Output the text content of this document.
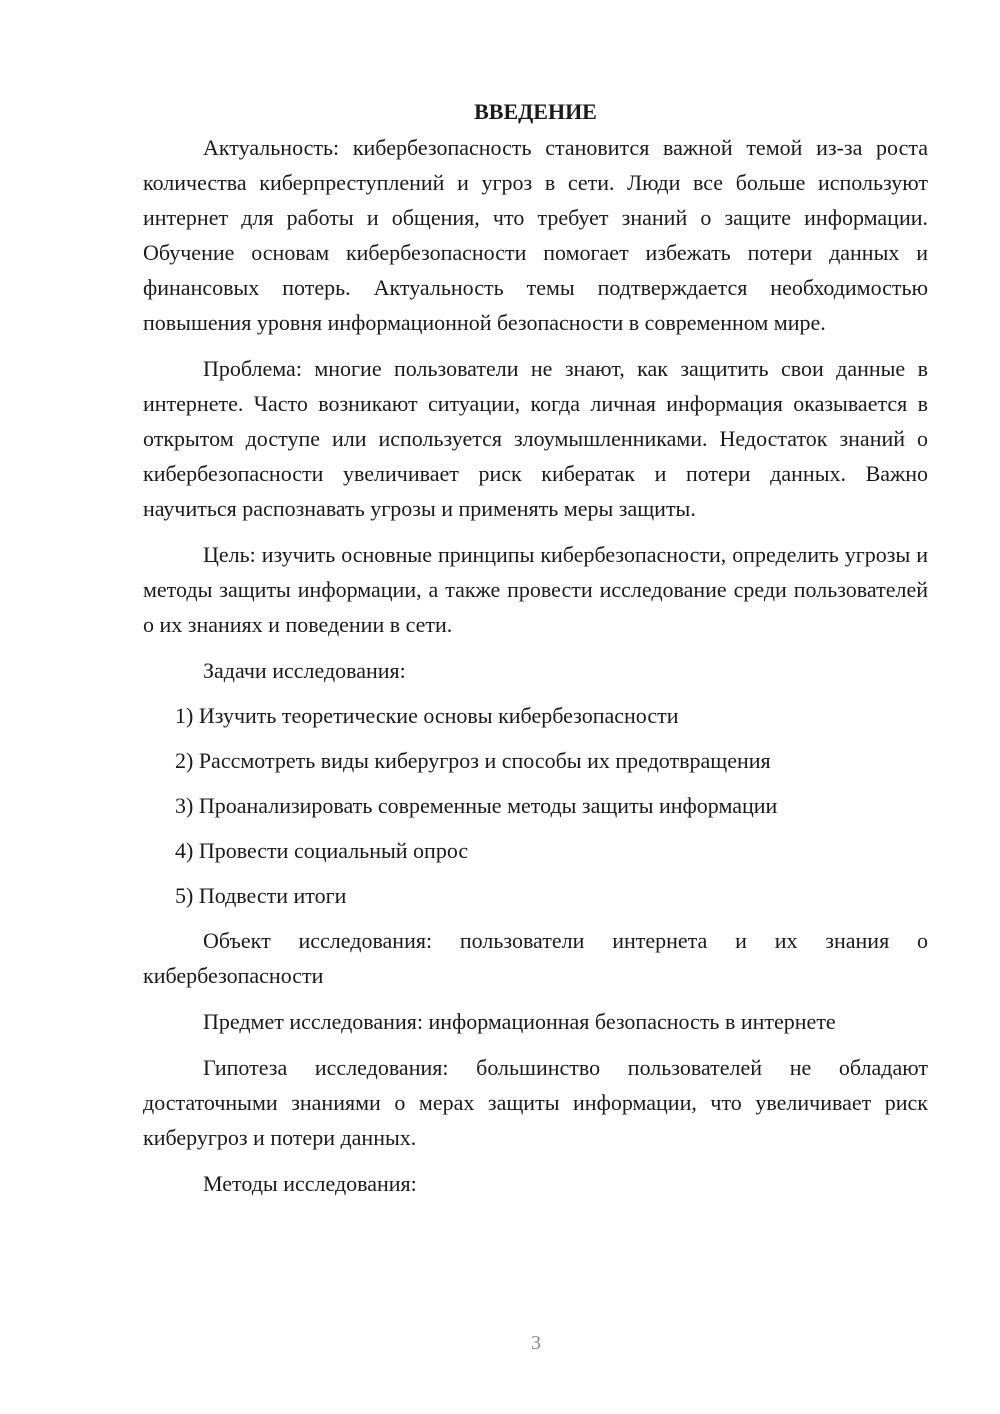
ВВЕДЕНИЕ

Актуальность: кибербезопасность становится важной темой из-за роста количества киберпреступлений и угроз в сети. Люди все больше используют интернет для работы и общения, что требует знаний о защите информации. Обучение основам кибербезопасности помогает избежать потери данных и финансовых потерь. Актуальность темы подтверждается необходимостью повышения уровня информационной безопасности в современном мире.

Проблема: многие пользователи не знают, как защитить свои данные в интернете. Часто возникают ситуации, когда личная информация оказывается в открытом доступе или используется злоумышленниками. Недостаток знаний о кибербезопасности увеличивает риск кибератак и потери данных. Важно научиться распознавать угрозы и применять меры защиты.

Цель: изучить основные принципы кибербезопасности, определить угрозы и методы защиты информации, а также провести исследование среди пользователей о их знаниях и поведении в сети.

Задачи исследования:

1) Изучить теоретические основы кибербезопасности

2) Рассмотреть виды киберугроз и способы их предотвращения

3) Проанализировать современные методы защиты информации

4) Провести социальный опрос

5) Подвести итоги

Объект исследования: пользователи интернета и их знания о кибербезопасности

Предмет исследования: информационная безопасность в интернете

Гипотеза исследования: большинство пользователей не обладают достаточными знаниями о мерах защиты информации, что увеличивает риск киберугроз и потери данных.

Методы исследования:

3
